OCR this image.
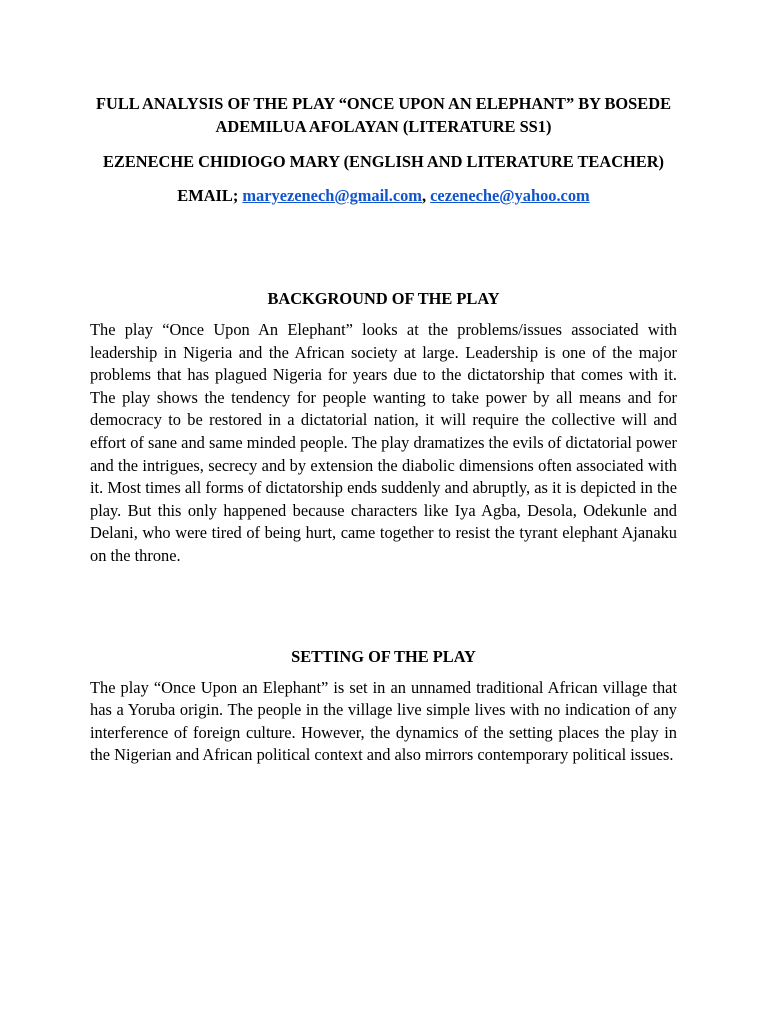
FULL ANALYSIS OF THE PLAY “ONCE UPON AN ELEPHANT” BY BOSEDE ADEMILUA AFOLAYAN (LITERATURE SS1)

EZENECHE CHIDIOGO MARY (ENGLISH AND LITERATURE TEACHER)

EMAIL; maryezenech@gmail.com, cezeneche@yahoo.com

BACKGROUND OF THE PLAY

The play “Once Upon An Elephant” looks at the problems/issues associated with leadership in Nigeria and the African society at large. Leadership is one of the major problems that has plagued Nigeria for years due to the dictatorship that comes with it. The play shows the tendency for people wanting to take power by all means and for democracy to be restored in a dictatorial nation, it will require the collective will and effort of sane and same minded people. The play dramatizes the evils of dictatorial power and the intrigues, secrecy and by extension the diabolic dimensions often associated with it. Most times all forms of dictatorship ends suddenly and abruptly, as it is depicted in the play. But this only happened because characters like Iya Agba, Desola, Odekunle and Delani, who were tired of being hurt, came together to resist the tyrant elephant Ajanaku on the throne.

SETTING OF THE PLAY

The play “Once Upon an Elephant” is set in an unnamed traditional African village that has a Yoruba origin. The people in the village live simple lives with no indication of any interference of foreign culture. However, the dynamics of the setting places the play in the Nigerian and African political context and also mirrors contemporary political issues.
